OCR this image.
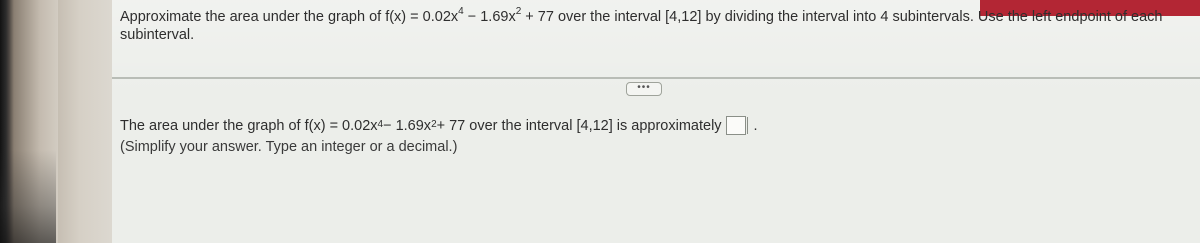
Approximate the area under the graph of $f(x) = 0.02x^4 - 1.69x^2 + 77$ over the interval [4,12] by dividing the interval into 4 subintervals. Use the left endpoint of each subinterval.
•••
The area under the graph of $f(x) = 0.02x^4 - 1.69x^2 + 77$ over the interval [4,12] is approximately .
(Simplify your answer. Type an integer or a decimal.)
